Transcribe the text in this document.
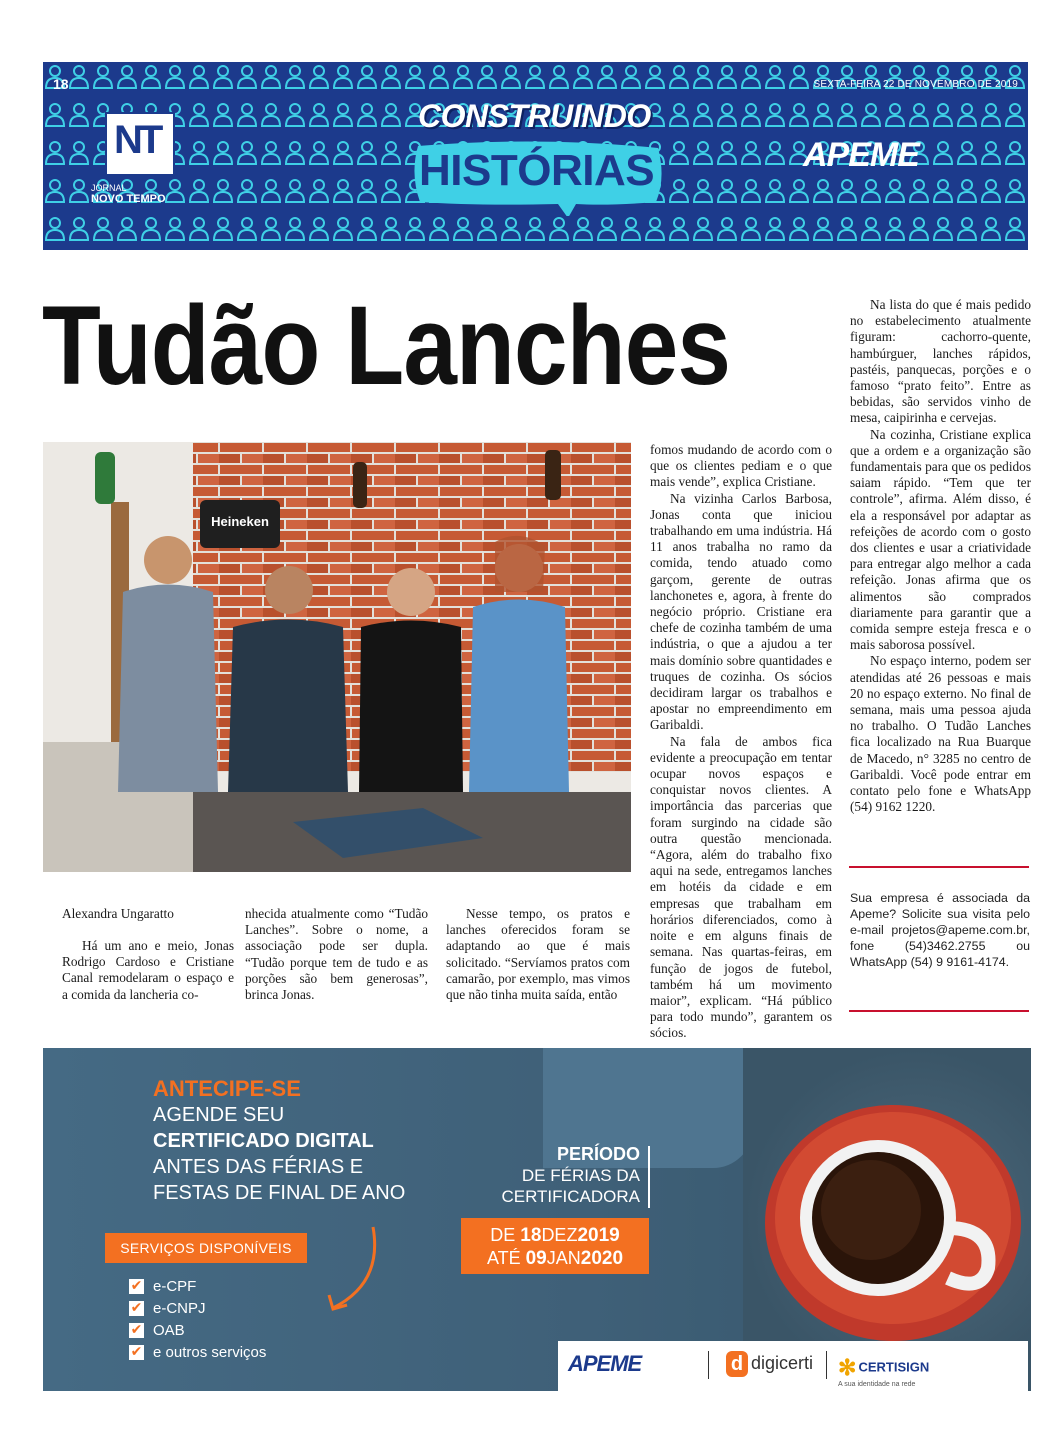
18	SEXTA-FEIRA 22 DE NOVEMBRO DE 2019
NT
JORNAL
NOVO TEMPO
CONSTRUINDO
HISTÓRIAS	APEME
Tudão Lanches
Heineken
Alexandra Ungaratto

Há um ano e meio, Jonas Rodrigo Cardoso e Cristiane Canal remodelaram o espaço e a comida da lancheria co-

nhecida atualmente como “Tudão Lanches”. Sobre o nome, a associação pode ser dupla. “Tudão porque tem de tudo e as porções são bem generosas”, brinca Jonas.

Nesse tempo, os pratos e lanches oferecidos foram se adaptando ao que é mais solicitado. “Servíamos pratos com camarão, por exemplo, mas vimos que não tinha muita saída, então

fomos mudando de acordo com o que os clientes pediam e o que mais vende”, explica Cristiane.

Na vizinha Carlos Barbosa, Jonas conta que iniciou trabalhando em uma indústria. Há 11 anos trabalha no ramo da comida, tendo atuado como garçom, gerente de outras lanchonetes e, agora, à frente do negócio próprio. Cristiane era chefe de cozinha também de uma indústria, o que a ajudou a ter mais domínio sobre quantidades e truques de cozinha. Os sócios decidiram largar os trabalhos e apostar no empreendimento em Garibaldi.

Na fala de ambos fica evidente a preocupação em tentar ocupar novos espaços e conquistar novos clientes. A importância das parcerias que foram surgindo na cidade são outra questão mencionada. “Agora, além do trabalho fixo aqui na sede, entregamos lanches em hotéis da cidade e em empresas que trabalham em horários diferenciados, como à noite e em alguns finais de semana. Nas quartas-feiras, em função de jogos de futebol, também há um movimento maior”, explicam. “Há público para todo mundo”, garantem os sócios.

Na lista do que é mais pedido no estabelecimento atualmente figuram: cachorro-quente, hambúrguer, lanches rápidos, pastéis, panquecas, porções e o famoso “prato feito”. Entre as bebidas, são servidos vinho de mesa, caipirinha e cervejas.

Na cozinha, Cristiane explica que a ordem e a organização são fundamentais para que os pedidos saiam rápido. “Tem que ter controle”, afirma. Além disso, é ela a responsável por adaptar as refeições de acordo com o gosto dos clientes e usar a criatividade para entregar algo melhor a cada refeição. Jonas afirma que os alimentos são comprados diariamente para garantir que a comida sempre esteja fresca e o mais saborosa possível.

No espaço interno, podem ser atendidas até 26 pessoas e mais 20 no espaço externo. No final de semana, mais uma pessoa ajuda no trabalho. O Tudão Lanches fica localizado na Rua Buarque de Macedo, n° 3285 no centro de Garibaldi. Você pode entrar em contato pelo fone e WhatsApp (54) 9162 1220.

Sua empresa é associada da Apeme? Solicite sua visita pelo e-mail projetos@apeme.com.br, fone (54)3462.2755 ou WhatsApp (54) 9 9161-4174.
ANTECIPE-SE
AGENDE SEU
CERTIFICADO DIGITAL
ANTES DAS FÉRIAS E
FESTAS DE FINAL DE ANO
SERVIÇOS DISPONÍVEIS
✔ e-CPF
✔ e-CNPJ
✔ OAB
✔ e outros serviços
PERÍODO
DE FÉRIAS DA
CERTIFICADORA
DE 18DEZ2019
ATÉ 09JAN2020
APEME	d digicerti ✻ CERTISIGN
A sua identidade na rede
